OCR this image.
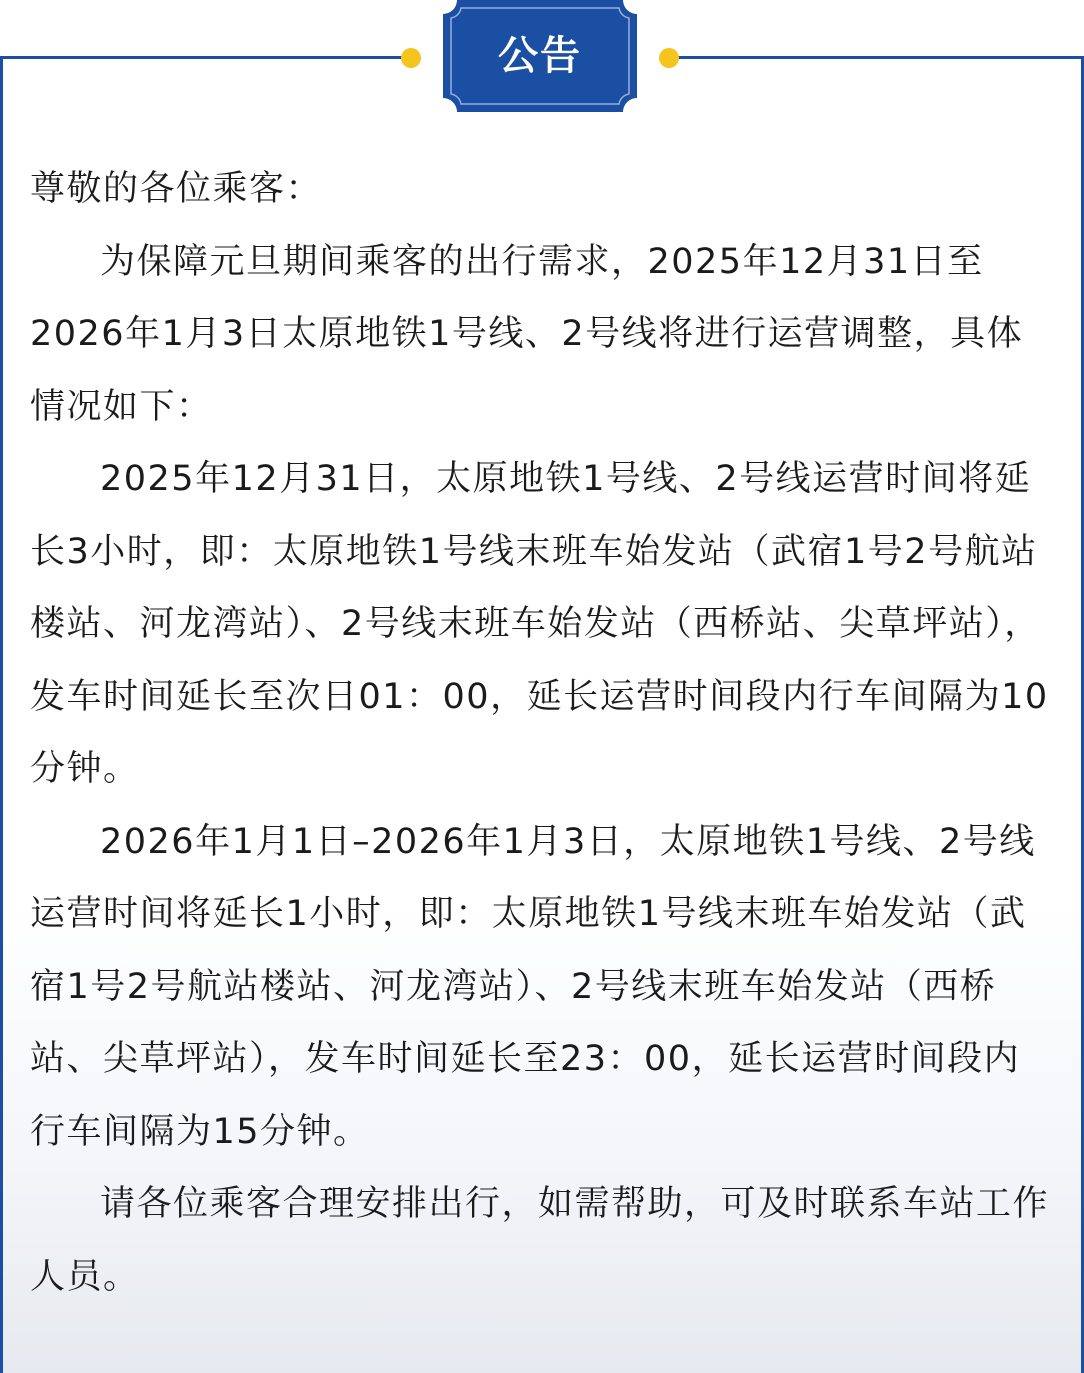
公告

尊敬的各位乘客：

为保障元旦期间乘客的出行需求，2025年12月31日至2026年1月3日太原地铁1号线、2号线将进行运营调整，具体情况如下：

2025年12月31日，太原地铁1号线、2号线运营时间将延长3小时，即：太原地铁1号线末班车始发站（武宿1号2号航站楼站、河龙湾站）、2号线末班车始发站（西桥站、尖草坪站），发车时间延长至次日01：00，延长运营时间段内行车间隔为10分钟。

2026年1月1日–2026年1月3日，太原地铁1号线、2号线运营时间将延长1小时，即：太原地铁1号线末班车始发站（武宿1号2号航站楼站、河龙湾站）、2号线末班车始发站（西桥站、尖草坪站），发车时间延长至23：00，延长运营时间段内行车间隔为15分钟。

请各位乘客合理安排出行，如需帮助，可及时联系车站工作人员。
